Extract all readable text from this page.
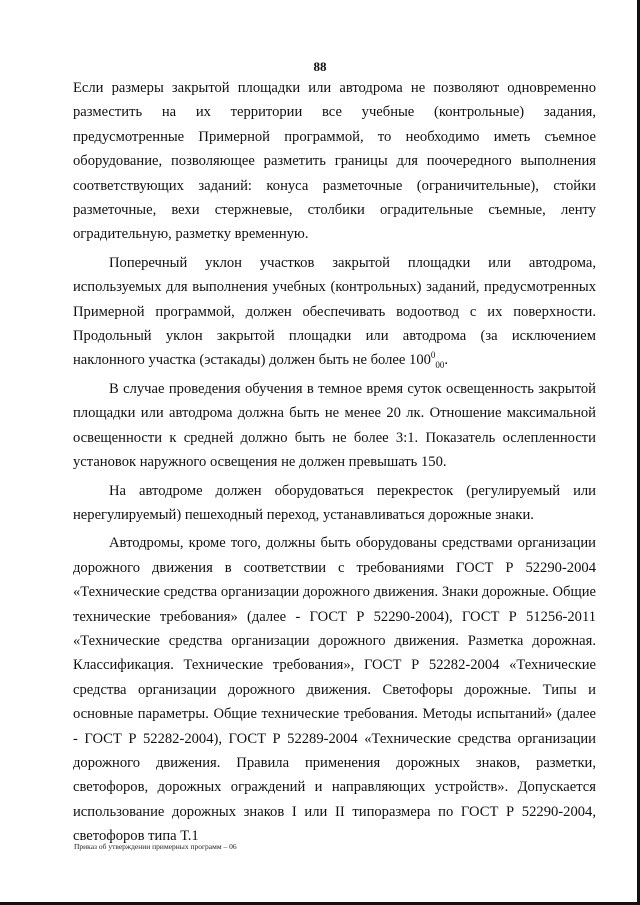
88

Если размеры закрытой площадки или автодрома не позволяют одновременно разместить на их территории все учебные (контрольные) задания, предусмотренные Примерной программой, то необходимо иметь съемное оборудование, позволяющее разметить границы для поочередного выполнения соответствующих заданий: конуса разметочные (ограничительные), стойки разметочные, вехи стержневые, столбики оградительные съемные, ленту оградительную, разметку временную.

Поперечный уклон участков закрытой площадки или автодрома, используемых для выполнения учебных (контрольных) заданий, предусмотренных Примерной программой, должен обеспечивать водоотвод с их поверхности. Продольный уклон закрытой площадки или автодрома (за исключением наклонного участка (эстакады) должен быть не более $100^0_{00}$.

В случае проведения обучения в темное время суток освещенность закрытой площадки или автодрома должна быть не менее 20 лк. Отношение максимальной освещенности к средней должно быть не более 3:1. Показатель ослепленности установок наружного освещения не должен превышать 150.

На автодроме должен оборудоваться перекресток (регулируемый или нерегулируемый) пешеходный переход, устанавливаться дорожные знаки.

Автодромы, кроме того, должны быть оборудованы средствами организации дорожного движения в соответствии с требованиями ГОСТ Р 52290-2004 «Технические средства организации дорожного движения. Знаки дорожные. Общие технические требования» (далее - ГОСТ Р 52290-2004), ГОСТ Р 51256-2011 «Технические средства организации дорожного движения. Разметка дорожная. Классификация. Технические требования», ГОСТ Р 52282-2004 «Технические средства организации дорожного движения. Светофоры дорожные. Типы и основные параметры. Общие технические требования. Методы испытаний» (далее - ГОСТ Р 52282-2004), ГОСТ Р 52289-2004 «Технические средства организации дорожного движения. Правила применения дорожных знаков, разметки, светофоров, дорожных ограждений и направляющих устройств». Допускается использование дорожных знаков I или II типоразмера по ГОСТ Р 52290-2004, светофоров типа Т.1

Приказ об утверждении примерных программ – 06
